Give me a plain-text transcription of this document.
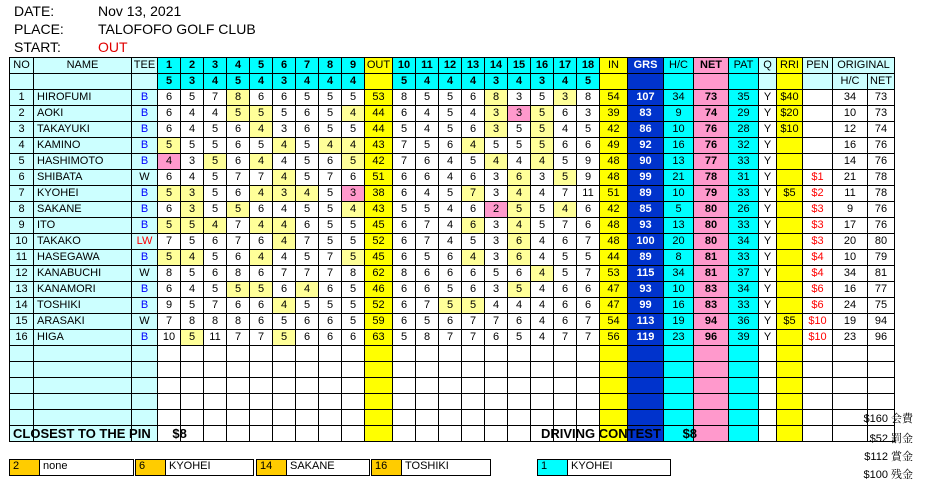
DATE:	Nov 13, 2021
PLACE:	TALOFOFO GOLF CLUB
START:	OUT
NO	NAME	TEE	1	2	3	4	5	6	7	8	9	OUT	10	11	12	13	14	15	16	17	18	IN	GRS	H/C	NET	PAT	Q	RRI	PEN	ORIGINAL	
			5	3	4	5	4	3	4	4	4		5	4	4	4	3	4	3	4	5									H/C	NET
1	HIROFUMI	B	6	5	7	8	6	6	5	5	5	53	8	5	5	6	8	3	5	3	8	54	107	34	73	35	Y	$40		34	73
2	AOKI	B	6	4	4	5	5	5	6	5	4	44	6	4	5	4	3	3	5	6	3	39	83	9	74	29	Y	$20		10	73
3	TAKAYUKI	B	6	4	5	6	4	3	6	5	5	44	5	4	5	6	3	5	5	4	5	42	86	10	76	28	Y	$10		12	74
4	KAMINO	B	5	5	5	6	5	4	5	4	4	43	7	5	6	4	5	5	5	6	6	49	92	16	76	32	Y			16	76
5	HASHIMOTO	B	4	3	5	6	4	4	5	6	5	42	7	6	4	5	4	4	4	5	9	48	90	13	77	33	Y			14	76
6	SHIBATA	W	6	4	5	7	7	4	5	7	6	51	6	6	4	6	3	6	3	5	9	48	99	21	78	31	Y		$1	21	78
7	KYOHEI	B	5	3	5	6	4	3	4	5	3	38	6	4	5	7	3	4	4	7	11	51	89	10	79	33	Y	$5	$2	11	78
8	SAKANE	B	6	3	5	5	6	4	5	5	4	43	5	5	4	6	2	5	5	4	6	42	85	5	80	26	Y		$3	9	76
9	ITO	B	5	5	4	7	4	4	6	5	5	45	6	7	4	6	3	4	5	7	6	48	93	13	80	33	Y		$3	17	76
10	TAKAKO	LW	7	5	6	7	6	4	7	5	5	52	6	7	4	5	3	6	4	6	7	48	100	20	80	34	Y		$3	20	80
11	HASEGAWA	B	5	4	5	6	4	4	5	7	5	45	6	5	6	4	3	6	4	5	5	44	89	8	81	33	Y		$4	10	79
12	KANABUCHI	W	8	5	6	8	6	7	7	7	8	62	8	6	6	6	5	6	4	5	7	53	115	34	81	37	Y		$4	34	81
13	KANAMORI	B	6	4	5	5	5	6	4	6	5	46	6	6	5	6	3	5	4	6	6	47	93	10	83	34	Y		$6	16	77
14	TOSHIKI	B	9	5	7	6	6	4	5	5	5	52	6	7	5	5	4	4	4	6	6	47	99	16	83	33	Y		$6	24	75
15	ARASAKI	W	7	8	8	8	6	5	6	6	5	59	6	5	6	7	7	6	4	6	7	54	113	19	94	36	Y	$5	$10	19	94
16	HIGA	B	10	5	11	7	7	5	6	6	6	63	5	8	7	7	6	5	4	7	7	56	119	23	96	39	Y		$10	23	96

CLOSEST TO THE PIN $8	DRIVING CONTEST $8
2	none	6	KYOHEI	14	SAKANE	16	TOSHIKI	1	KYOHEI
$160 会費
$52 罰金
$112 賞金
$100 残金
